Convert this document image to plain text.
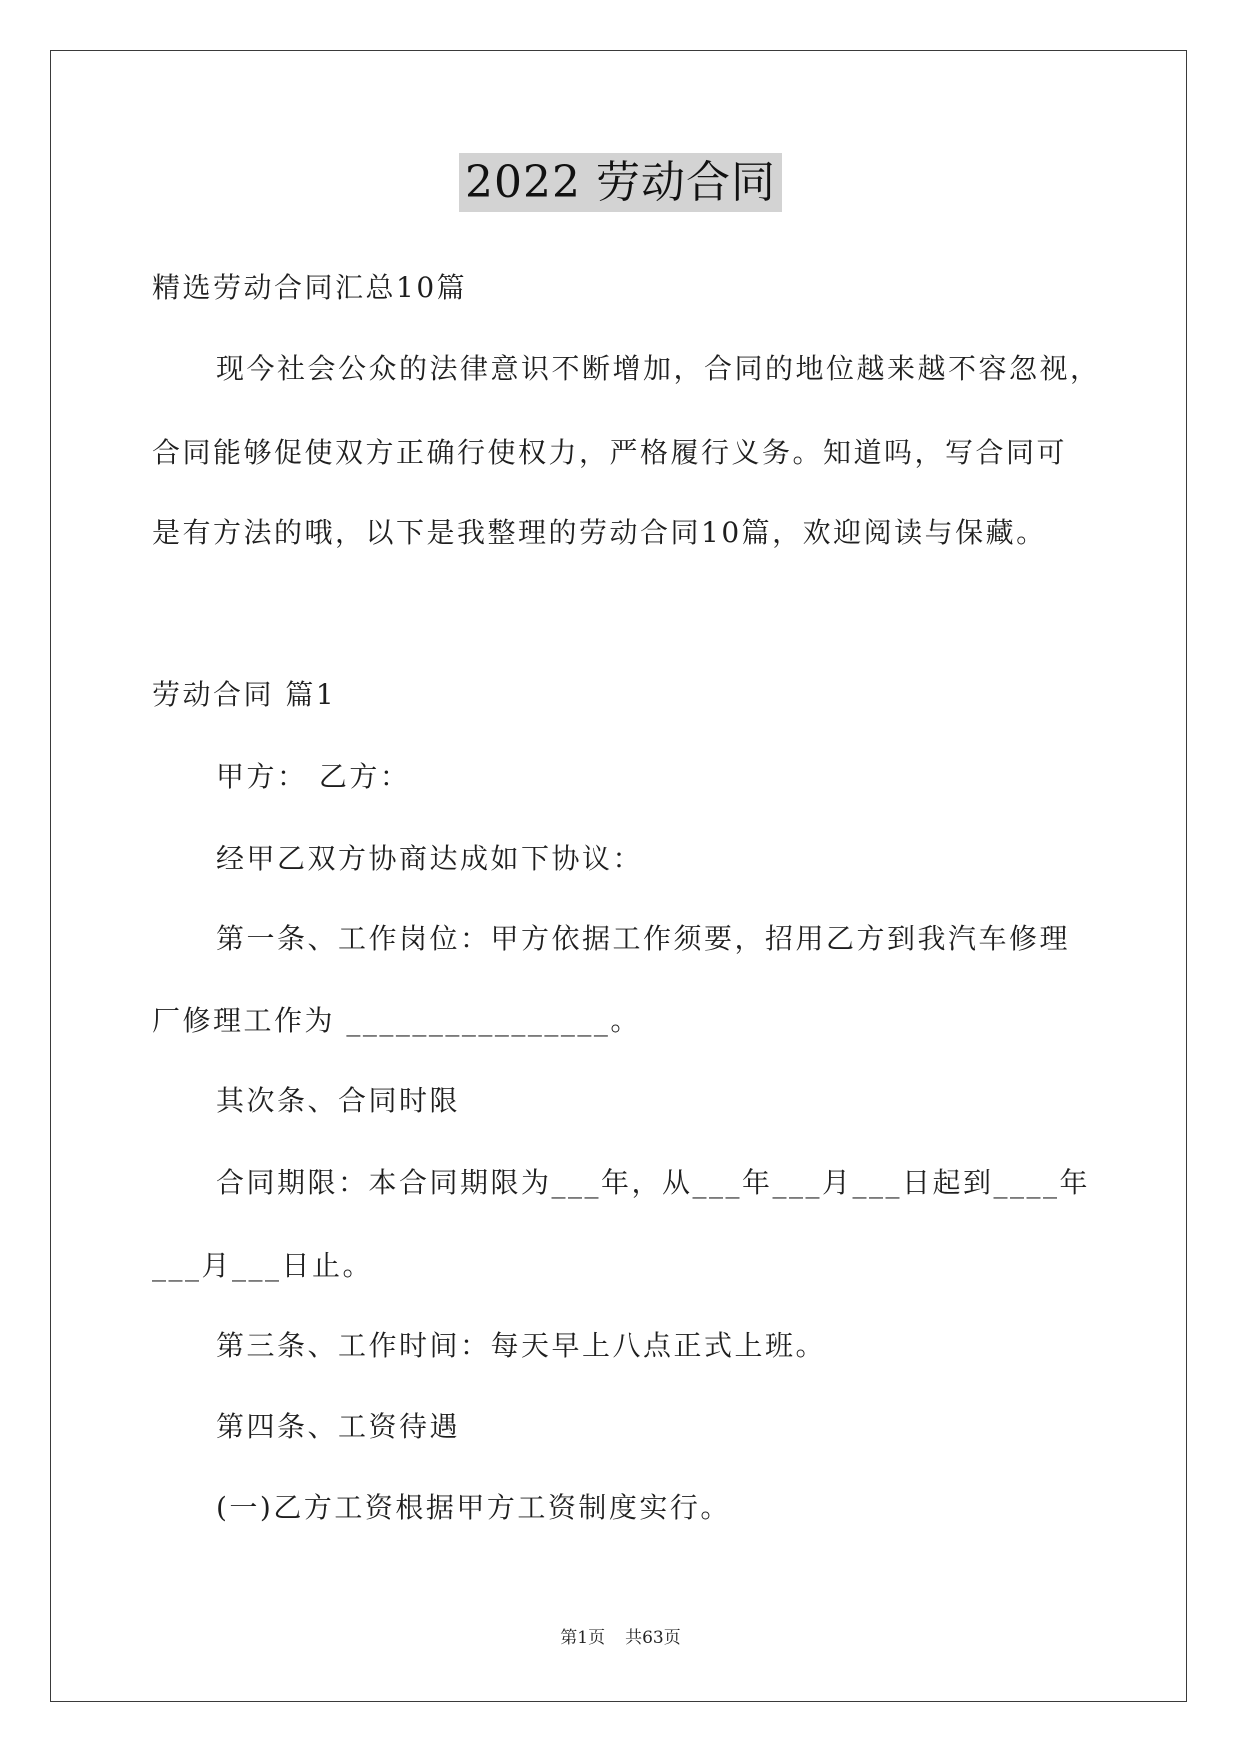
2022 劳动合同
精选劳动合同汇总10篇
现今社会公众的法律意识不断增加，合同的地位越来越不容忽视，
合同能够促使双方正确行使权力，严格履行义务。知道吗，写合同可
是有方法的哦，以下是我整理的劳动合同10篇，欢迎阅读与保藏。
劳动合同 篇1
甲方： 乙方：
经甲乙双方协商达成如下协议：
第一条、工作岗位：甲方依据工作须要，招用乙方到我汽车修理
厂修理工作为 ________________。
其次条、合同时限
合同期限：本合同期限为___年，从___年___月___日起到____年
___月___日止。
第三条、工作时间：每天早上八点正式上班。
第四条、工资待遇
(一)乙方工资根据甲方工资制度实行。
第1页 共63页
